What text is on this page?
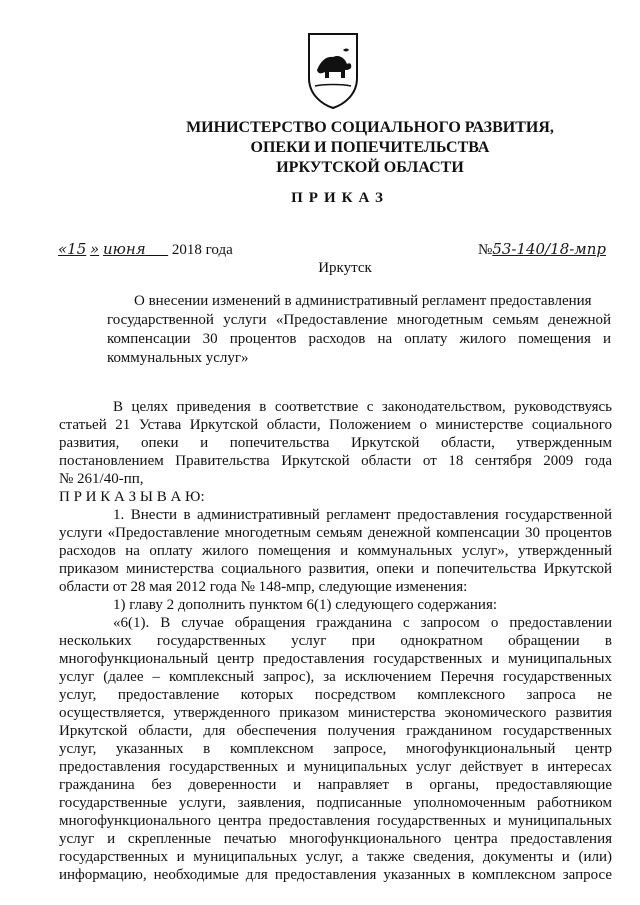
МИНИСТЕРСТВО СОЦИАЛЬНОГО РАЗВИТИЯ,
ОПЕКИ И ПОПЕЧИТЕЛЬСТВА
ИРКУТСКОЙ ОБЛАСТИ
ПРИКАЗ
«15 » июня 2018 года	№53-140/18-мпр
Иркутск
О внесении изменений в административный регламент предоставления
государственной услуги «Предоставление многодетным семьям денежной
компенсации 30 процентов расходов на оплату жилого помещения и
коммунальных услуг»
В целях приведения в соответствие с законодательством, руководствуясь
статьей 21 Устава Иркутской области, Положением о министерстве социального
развития, опеки и попечительства Иркутской области, утвержденным
постановлением Правительства Иркутской области от 18 сентября 2009 года
№ 261/40-пп,
П Р И К А З Ы В А Ю:
1. Внести в административный регламент предоставления государственной
услуги «Предоставление многодетным семьям денежной компенсации 30 процентов
расходов на оплату жилого помещения и коммунальных услуг», утвержденный
приказом министерства социального развития, опеки и попечительства Иркутской
области от 28 мая 2012 года № 148-мпр, следующие изменения:
1) главу 2 дополнить пунктом 6(1) следующего содержания:
«6(1). В случае обращения гражданина с запросом о предоставлении
нескольких государственных услуг при однократном обращении в
многофункциональный центр предоставления государственных и муниципальных
услуг (далее – комплексный запрос), за исключением Перечня государственных
услуг, предоставление которых посредством комплексного запроса не
осуществляется, утвержденного приказом министерства экономического развития
Иркутской области, для обеспечения получения гражданином государственных
услуг, указанных в комплексном запросе, многофункциональный центр
предоставления государственных и муниципальных услуг действует в интересах
гражданина без доверенности и направляет в органы, предоставляющие
государственные услуги, заявления, подписанные уполномоченным работником
многофункционального центра предоставления государственных и муниципальных
услуг и скрепленные печатью многофункционального центра предоставления
государственных и муниципальных услуг, а также сведения, документы и (или)
информацию, необходимые для предоставления указанных в комплексном запросе
